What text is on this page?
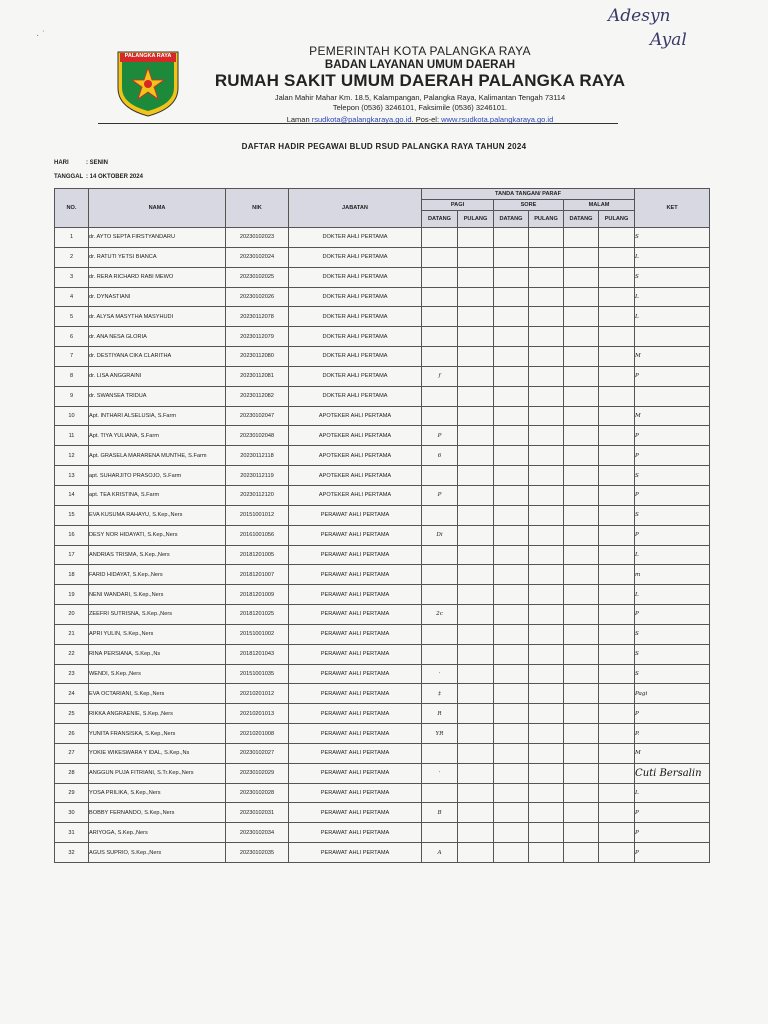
· ˙
Adesyn
Ayal
PALANGKA RAYA	PEMERINTAH KOTA PALANGKA RAYA
BADAN LAYANAN UMUM DAERAH
RUMAH SAKIT UMUM DAERAH PALANGKA RAYA
Jalan Mahir Mahar Km. 18.5, Kalampangan, Palangka Raya, Kalimantan Tengah 73114
Telepon (0536) 3246101, Faksimile (0536) 3246101.
Laman rsudkota@palangkaraya.go.id. Pos-el: www.rsudkota.palangkaraya.go.id
DAFTAR HADIR PEGAWAI BLUD RSUD PALANGKA RAYA TAHUN 2024
HARI	: SENIN
TANGGAL : 14 OKTOBER 2024
NO.	NAMA	NIK	JABATAN	TANDA TANGAN/ PARAF						KET
				PAGI		SORE		MALAM		
				DATANG	PULANG	DATANG	PULANG	DATANG	PULANG	
1	dr. AYTO SEPTA FIRSTYANDARU	20230102023	DOKTER AHLI PERTAMA							S
2	dr. RATUTI YETSI BIANCA	20230102024	DOKTER AHLI PERTAMA							L
3	dr. RERA RICHARD RABI MEWO	20230102025	DOKTER AHLI PERTAMA							S
4	dr. DYNASTIANI	20230102026	DOKTER AHLI PERTAMA							L
5	dr. ALYSA MASYTHA MASYHUDI	20230112078	DOKTER AHLI PERTAMA							L
6	dr. ANA NESA GLORIA	20230112079	DOKTER AHLI PERTAMA							
7	dr. DESTIYANA CIKA CLARITHA	20230112080	DOKTER AHLI PERTAMA							M
8	dr. LISA ANGGRAINI	20230112081	DOKTER AHLI PERTAMA	f						P
9	dr. SWANSEA TRIDUA	20230112082	DOKTER AHLI PERTAMA							
10	Apt. INTHARI ALSELUSIA, S.Farm	20230102047	APOTEKER AHLI PERTAMA							M
11	Apt. TIYA YULIANA, S.Farm	20230102048	APOTEKER AHLI PERTAMA	P						P
12	Apt. GRASELA MARARENA MUNTHE, S.Farm	20230112118	APOTEKER AHLI PERTAMA	6						P
13	apt. SUHARJITO PRASOJO, S.Farm	20230112119	APOTEKER AHLI PERTAMA							S
14	apt. TEA KRISTINA, S.Farm	20230112120	APOTEKER AHLI PERTAMA	P						P
15	EVA KUSUMA RAHAYU, S.Kep.,Ners	20151001012	PERAWAT AHLI PERTAMA							S
16	DESY NOR HIDAYATI, S.Kep.,Ners	20161001056	PERAWAT AHLI PERTAMA	Di						P
17	ANDRIAS TRISMA, S.Kep.,Ners	20181201005	PERAWAT AHLI PERTAMA							L
18	FARID HIDAYAT, S.Kep.,Ners	20181201007	PERAWAT AHLI PERTAMA							m
19	NENI WANDARI, S.Kep.,Ners	20181201009	PERAWAT AHLI PERTAMA							L
20	ZEEFRI SUTRISNA, S.Kep.,Ners	20181201025	PERAWAT AHLI PERTAMA	2c						P
21	APRI YULIN, S.Kep.,Ners	20151001002	PERAWAT AHLI PERTAMA							S
22	RINA PERSIANA, S.Kep.,Ns	20181201043	PERAWAT AHLI PERTAMA							S
23	WENDI, S.Kep.,Ners	20151001035	PERAWAT AHLI PERTAMA	·						S
24	EVA OCTARIANI, S.Kep.,Ners	20210201012	PERAWAT AHLI PERTAMA	‡						Pagi
25	RIKKA ANGRAENIE, S.Kep.,Ners	20210201013	PERAWAT AHLI PERTAMA	R						P
26	YUNITA FRANSISKA, S.Kep.,Ners	20210201008	PERAWAT AHLI PERTAMA	YR						P.
27	YOKIE WIKESWARA Y IDAL, S.Kep.,Ns	20230102027	PERAWAT AHLI PERTAMA							M
28	ANGGUN PUJA FITRIANI, S.Tr.Kep.,Ners	20230102029	PERAWAT AHLI PERTAMA	·						Cuti Bersalin
29	YOSA PRILIKA, S.Kep.,Ners	20230102028	PERAWAT AHLI PERTAMA							L
30	BOBBY FERNANDO, S.Kep.,Ners	20230102031	PERAWAT AHLI PERTAMA	B						P
31	ARIYOGA, S.Kep.,Ners	20230102034	PERAWAT AHLI PERTAMA							P
32	AGUS SUPRIO, S.Kep.,Ners	20230102035	PERAWAT AHLI PERTAMA	A						P
